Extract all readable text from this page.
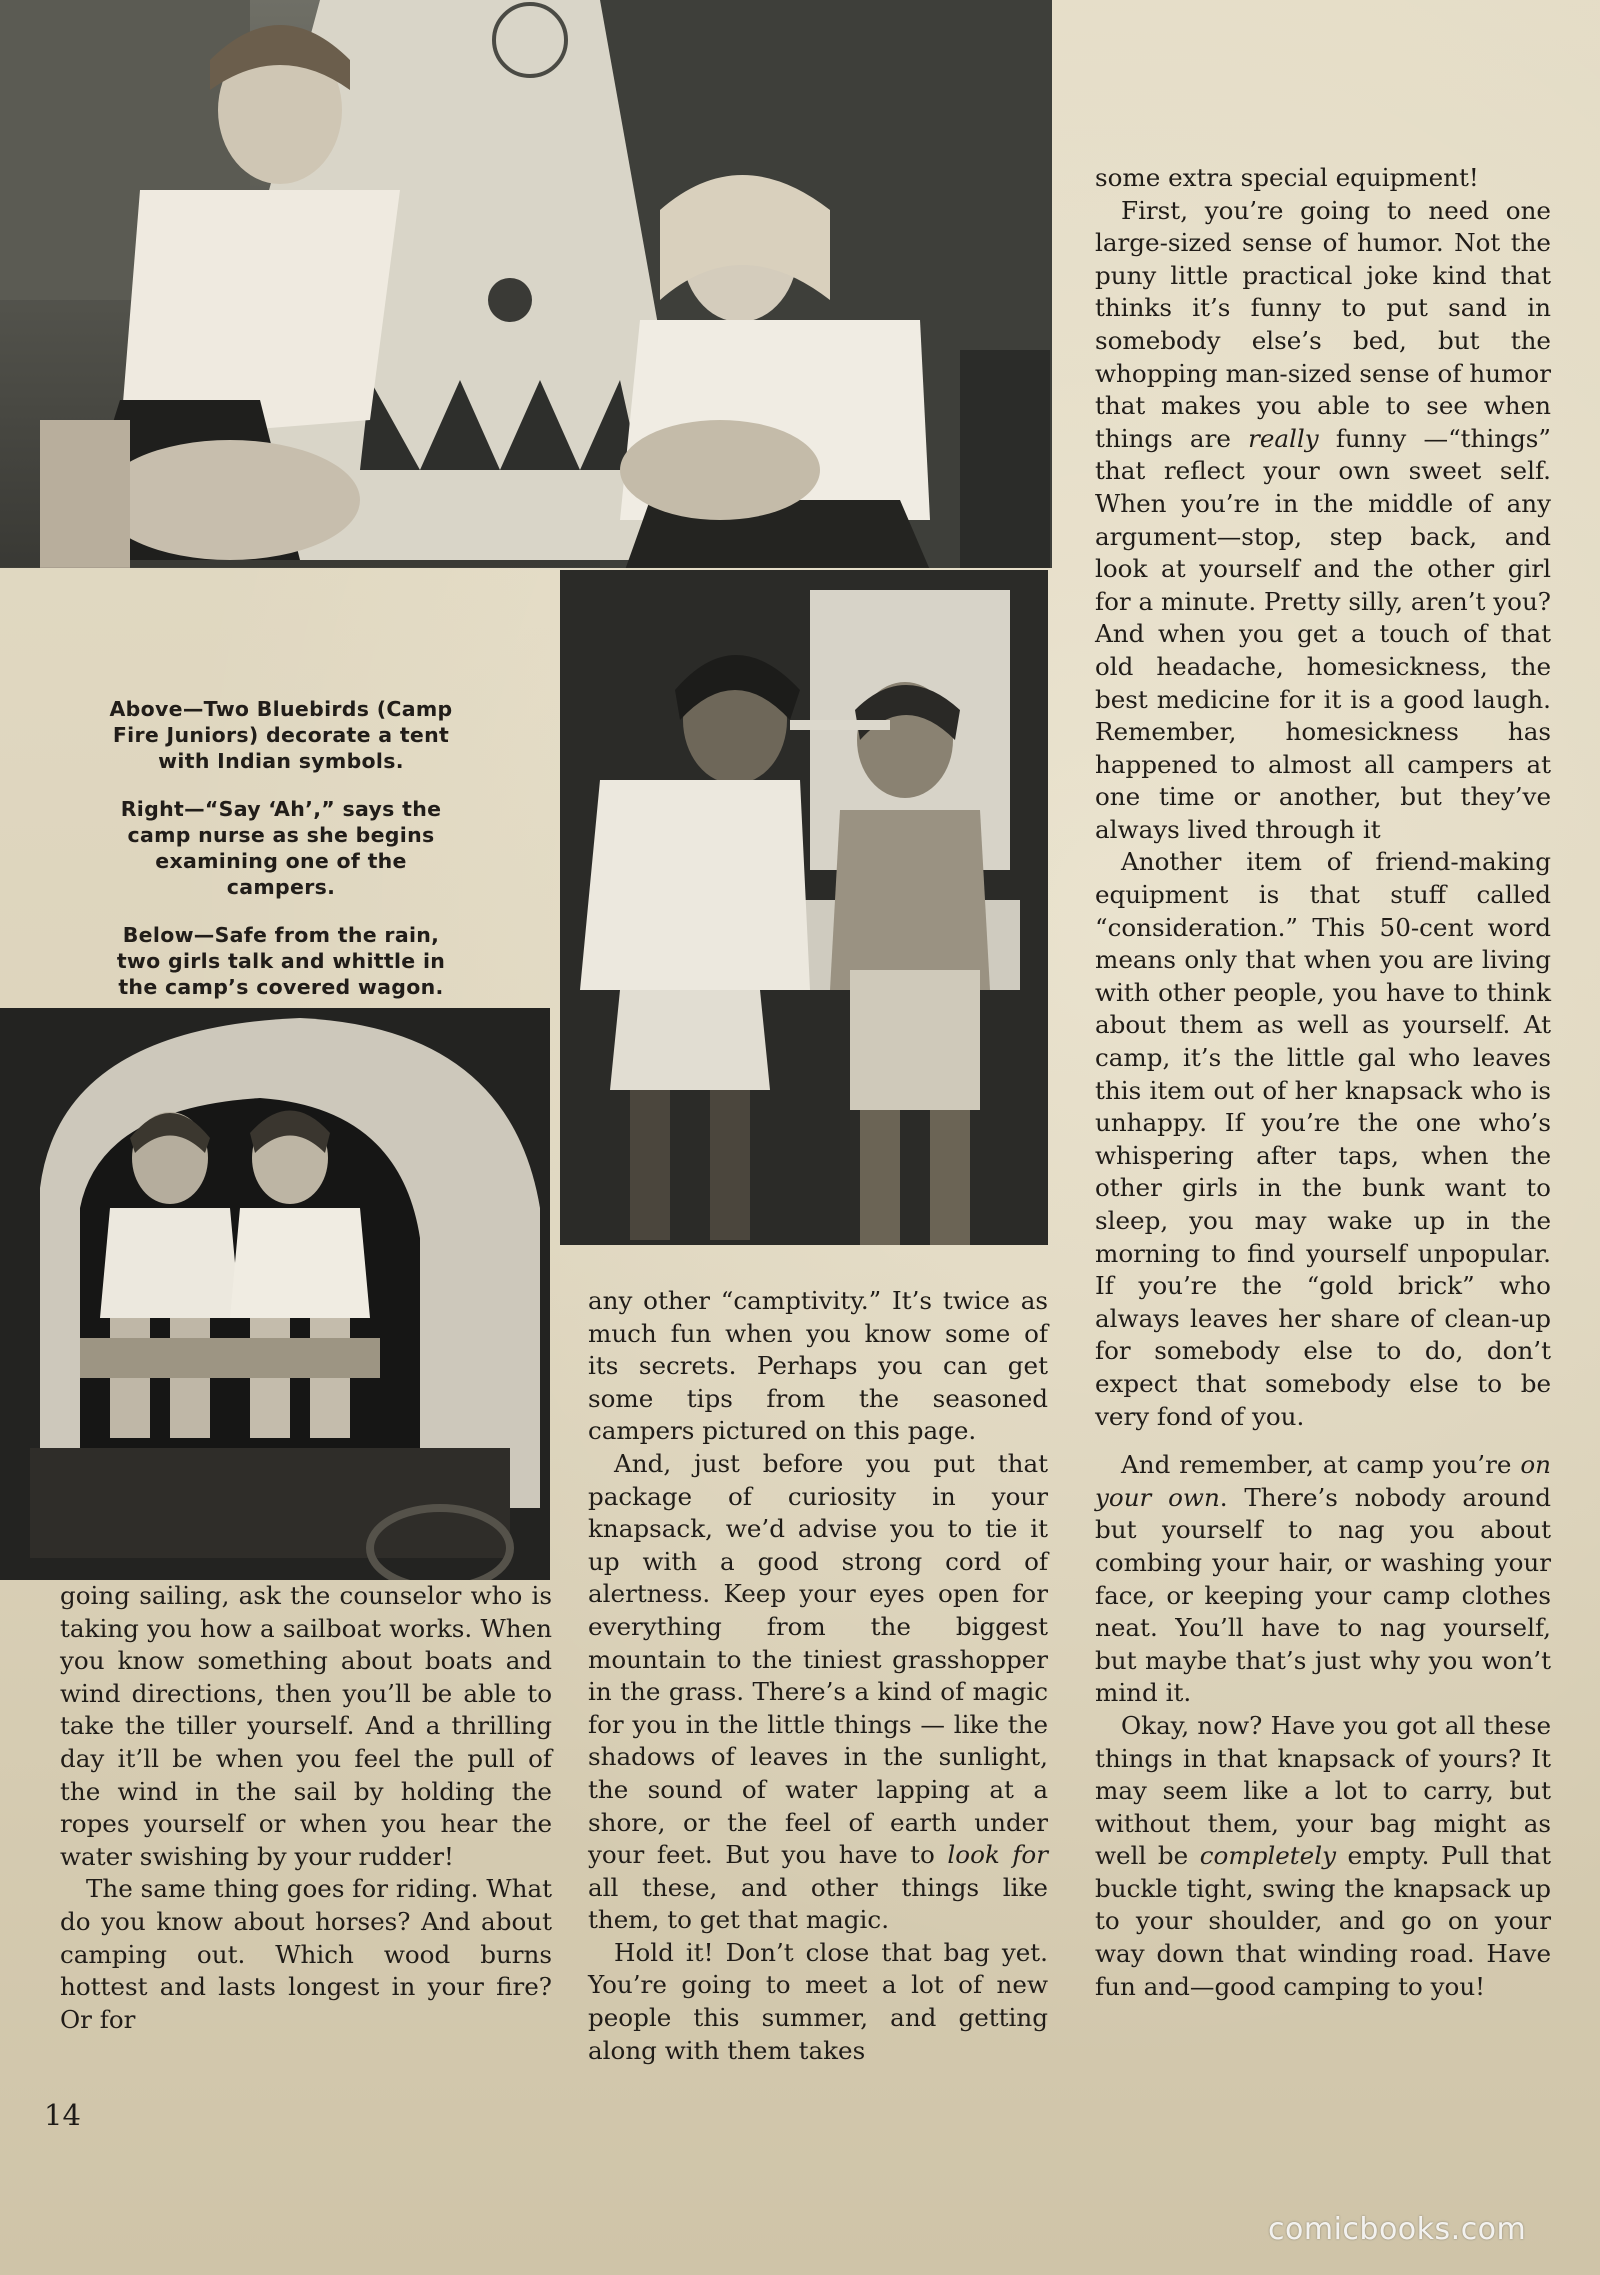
Above—Two Bluebirds (Camp Fire Juniors) decorate a tent with Indian symbols.

Right—“Say ‘Ah’,” says the camp nurse as she begins examining one of the campers.

Below—Safe from the rain, two girls talk and whittle in the camp’s covered wagon.

going sailing, ask the counselor who is taking you how a sailboat works. When you know something about boats and wind directions, then you’ll be able to take the tiller yourself. And a thrilling day it’ll be when you feel the pull of the wind in the sail by holding the ropes yourself or when you hear the water swishing by your rudder!

The same thing goes for riding. What do you know about horses? And about camping out. Which wood burns hottest and lasts longest in your fire? Or for

any other “camptivity.” It’s twice as much fun when you know some of its secrets. Perhaps you can get some tips from the seasoned campers pictured on this page.

And, just before you put that package of curiosity in your knapsack, we’d advise you to tie it up with a good strong cord of alertness. Keep your eyes open for everything from the biggest mountain to the tiniest grasshopper in the grass. There’s a kind of magic for you in the little things — like the shadows of leaves in the sunlight, the sound of water lapping at a shore, or the feel of earth under your feet. But you have to look for all these, and other things like them, to get that magic.

Hold it! Don’t close that bag yet. You’re going to meet a lot of new people this summer, and getting along with them takes

some extra special equipment!

First, you’re going to need one large-sized sense of humor. Not the puny little practical joke kind that thinks it’s funny to put sand in somebody else’s bed, but the whopping man-sized sense of humor that makes you able to see when things are really funny —“things” that reflect your own sweet self. When you’re in the middle of any argument—stop, step back, and look at yourself and the other girl for a minute. Pretty silly, aren’t you? And when you get a touch of that old headache, homesickness, the best medicine for it is a good laugh. Remember, homesickness has happened to almost all campers at one time or another, but they’ve always lived through it

Another item of friend-making equipment is that stuff called “consideration.” This 50-cent word means only that when you are living with other people, you have to think about them as well as yourself. At camp, it’s the little gal who leaves this item out of her knapsack who is unhappy. If you’re the one who’s whispering after taps, when the other girls in the bunk want to sleep, you may wake up in the morning to find yourself unpopular. If you’re the “gold brick” who always leaves her share of clean-up for somebody else to do, don’t expect that somebody else to be very fond of you.

And remember, at camp you’re on your own. There’s nobody around but yourself to nag you about combing your hair, or washing your face, or keeping your camp clothes neat. You’ll have to nag yourself, but maybe that’s just why you won’t mind it.

Okay, now? Have you got all these things in that knapsack of yours? It may seem like a lot to carry, but without them, your bag might as well be completely empty. Pull that buckle tight, swing the knapsack up to your shoulder, and go on your way down that winding road. Have fun and—good camping to you!

14
comicbooks.com
